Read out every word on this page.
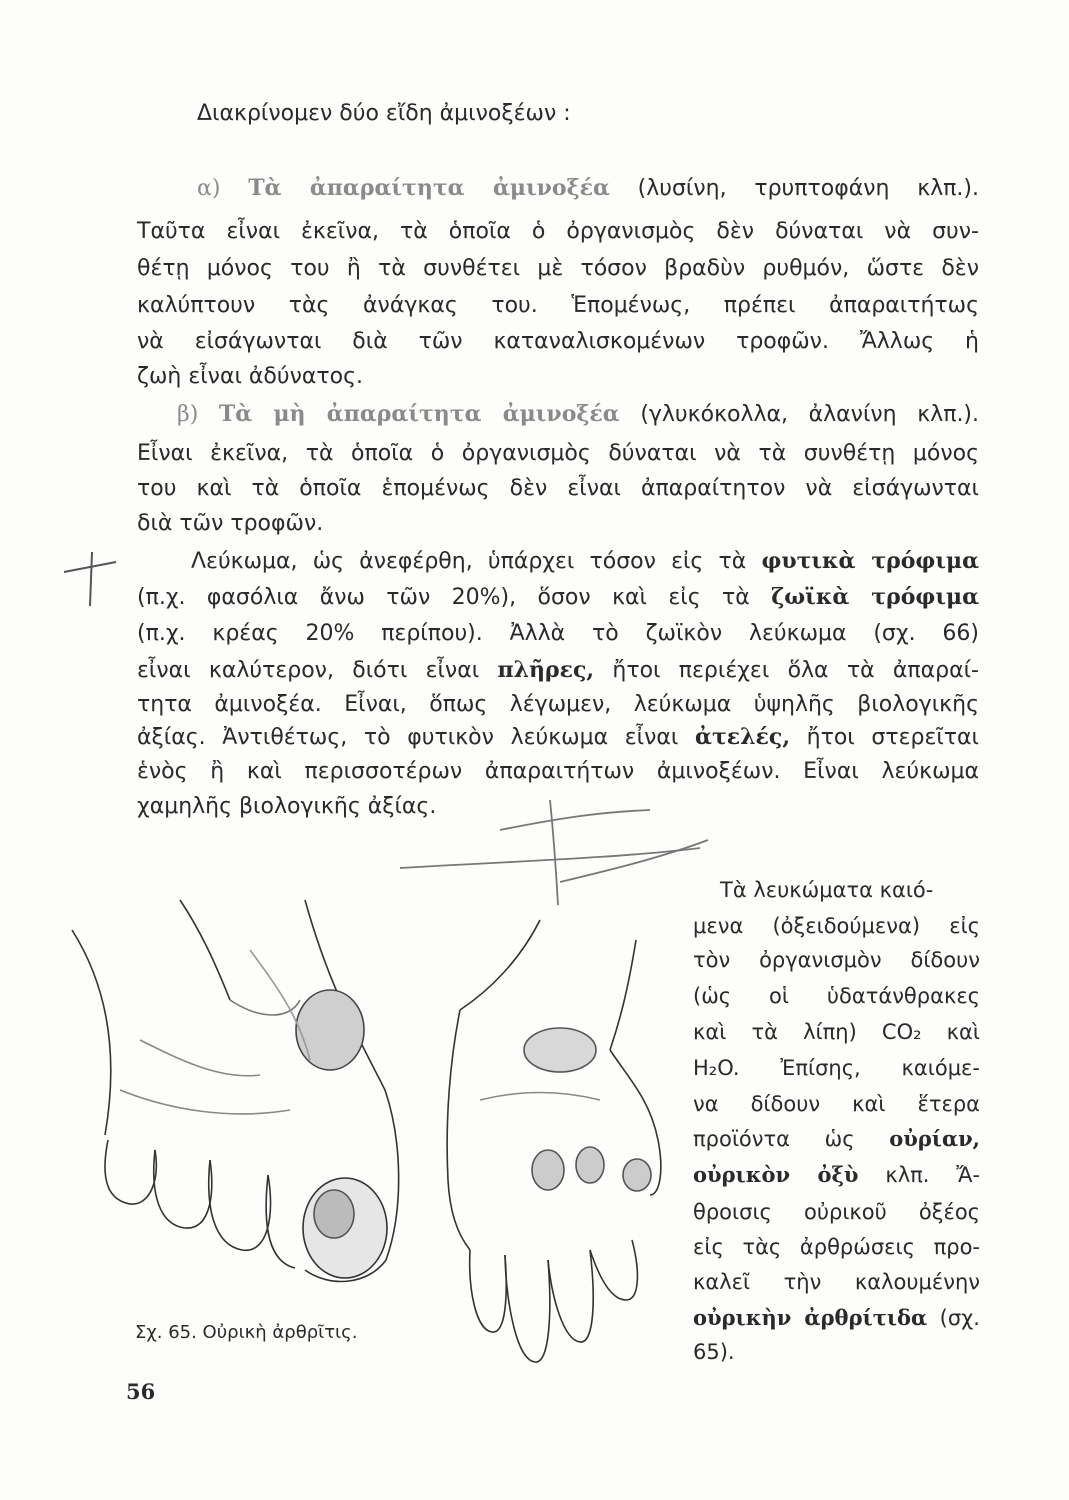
Διακρίνομεν δύο εἴδη ἀμινοξέων :
α) Τὰ ἀπαραίτητα ἀμινοξέα (λυσίνη, τρυπτοφάνη κλπ.).
Ταῦτα εἶναι ἐκεῖνα, τὰ ὁποῖα ὁ ὀργανισμὸς δὲν δύναται νὰ συν-
θέτῃ μόνος του ἢ τὰ συνθέτει μὲ τόσον βραδὺν ρυθμόν, ὥστε δὲν
καλύπτουν τὰς ἀνάγκας του. Ἑπομένως, πρέπει ἀπαραιτήτως
νὰ εἰσάγωνται διὰ τῶν καταναλισκομένων τροφῶν. Ἄλλως ἡ
ζωὴ εἶναι ἀδύνατος.
β) Τὰ μὴ ἀπαραίτητα ἀμινοξέα (γλυκόκολλα, ἀλανίνη κλπ.).
Εἶναι ἐκεῖνα, τὰ ὁποῖα ὁ ὀργανισμὸς δύναται νὰ τὰ συνθέτῃ μόνος
του καὶ τὰ ὁποῖα ἑπομένως δὲν εἶναι ἀπαραίτητον νὰ εἰσάγωνται
διὰ τῶν τροφῶν.
Λεύκωμα, ὡς ἀνεφέρθη, ὑπάρχει τόσον εἰς τὰ φυτικὰ τρόφιμα
(π.χ. φασόλια ἄνω τῶν 20%), ὅσον καὶ εἰς τὰ ζωϊκὰ τρόφιμα
(π.χ. κρέας 20% περίπου). Ἀλλὰ τὸ ζωϊκὸν λεύκωμα (σχ. 66)
εἶναι καλύτερον, διότι εἶναι πλῆρες, ἤτοι περιέχει ὅλα τὰ ἀπαραί-
τητα ἀμινοξέα. Εἶναι, ὅπως λέγωμεν, λεύκωμα ὑψηλῆς βιολογικῆς
ἀξίας. Ἀντιθέτως, τὸ φυτικὸν λεύκωμα εἶναι ἀτελές, ἤτοι στερεῖται
ἑνὸς ἢ καὶ περισσοτέρων ἀπαραιτήτων ἀμινοξέων. Εἶναι λεύκωμα
χαμηλῆς βιολογικῆς ἀξίας.
Τὰ λευκώματα καιό-
μενα (ὀξειδούμενα) εἰς
τὸν ὀργανισμὸν δίδουν
(ὡς οἱ ὑδατάνθρακες
καὶ τὰ λίπη) CO₂ καὶ
H₂O. Ἐπίσης, καιόμε-
να δίδουν καὶ ἕτερα
προϊόντα ὡς οὐρίαν,
οὐρικὸν ὀξὺ κλπ. Ἄ-
θροισις οὐρικοῦ ὀξέος
εἰς τὰς ἀρθρώσεις προ-
καλεῖ τὴν καλουμένην
οὐρικὴν ἀρθρίτιδα (σχ.
65).
Σχ. 65. Οὐρικὴ ἀρθρῖτις.
56
